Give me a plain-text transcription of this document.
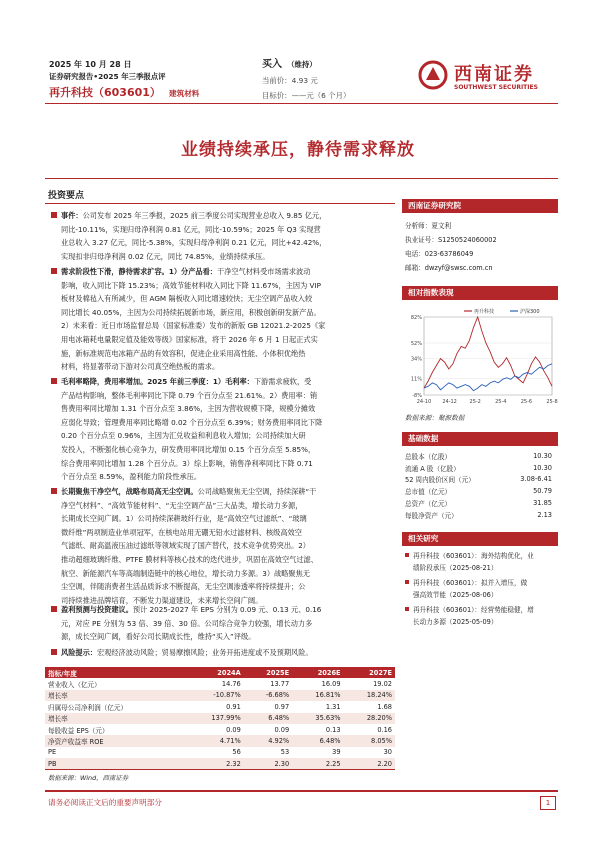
2025 年 10 月 28 日
证券研究报告•2025 年三季报点评
再升科技（603601） 建筑材料
买入 （维持）
当前价：4.93 元
目标价：——元（6 个月）
西南证券
SOUTHWEST SECURITIES
业绩持续承压，静待需求释放
投资要点
事件：公司发布 2025 年三季报，2025 前三季度公司实现营业总收入 9.85 亿元，
同比-10.11%，实现归母净利润 0.81 亿元，同比-10.59%；2025 年 Q3 实现营
业总收入 3.27 亿元，同比-5.38%，实现归母净利润 0.21 亿元，同比+42.42%，
实现扣非归母净利润 0.02 亿元，同比 74.85%，业绩持续承压。
需求阶段性下滑，静待需求扩容。1）分产品看：干净空气材料受市场需求波动
影响，收入同比下降 15.23%；高效节能材料收入同比下降 11.67%，主因为 VIP
板材及棉毡入有所减少，但 AGM 隔板收入同比增速较快；无尘空调产品收入较
同比增长 40.05%，主因为公司持续拓展新市场，新应用，积极创新研发新产品。
2）未来看：近日市场监督总局（国家标准委）发布的新版 GB 12021.2-2025《家
用电冰箱耗电量限定值及能效等级》国家标准，将于 2026 年 6 月 1 日起正式实
施，新标准规范电冰箱产品的有效容积，促进企业采用高性能、小体积优绝热
材料，将显著带动下游对公司真空绝热板的需求。
毛利率略降，费用率增加。2025 年前三季度：1）毛利率：下游需求疲软，受
产品结构影响，整体毛利率同比下降 0.79 个百分点至 21.61%。2）费用率：销
售费用率同比增加 1.31 个百分点至 3.86%，主因为营收规模下降，规模分摊效
应弱化导致；管理费用率同比略增 0.02 个百分点至 6.39%；财务费用率同比下降
0.20 个百分点至 0.96%，主因为汇兑收益和利息收入增加；公司持续加大研
发投入，不断强化核心竞争力，研发费用率同比增加 0.15 个百分点至 5.85%，
综合费用率同比增加 1.28 个百分点。3）综上影响，销售净利率同比下降 0.71
个百分点至 8.59%，盈利能力阶段性承压。
长期聚焦干净空气，战略布局高无尘空调。公司战略聚焦无尘空调，持续深耕“干
净空气材料”、“高效节能材料”、“无尘空调产品”三大品类，增长动力多源，
长期成长空间广阔。1）公司持续深耕玻纤行业，是“高效空气过滤纸”、“玻璃
微纤维”两项制造业单项冠军，在核电站用无硼无铅水过滤材料、核级高效空
气滤纸、耐高温液压油过滤纸等领域实现了国产替代，技术竞争优势突出。2）
推动超细玻璃纤维、PTFE 膜材料等核心技术的迭代进步，巩固在高效空气过滤、
航空、新能源汽车等高端制造链中的核心地位，增长动力多源。3）战略聚焦无
尘空调，伴随消费者生活品质诉求不断提高，无尘空调渗透率将持续提升；公
司持续推进品牌培育，不断发力渠道建设，未来增长空间广阔。
盈利预测与投资建议。预计 2025-2027 年 EPS 分别为 0.09 元、0.13 元、0.16
元，对应 PE 分别为 53 倍、39 倍、30 倍。公司综合竞争力较强，增长动力多
源，成长空间广阔，看好公司长期成长性，维持“买入”评级。
风险提示：宏观经济波动风险；贸易摩擦风险；业务开拓进度或不及预期风险。
指标/年度	2024A	2025E	2026E	2027E
营业收入（亿元）	14.76	13.77	16.09	19.02
增长率	-10.87%	-6.68%	16.81%	18.24%
归属母公司净利润（亿元）	0.91	0.97	1.31	1.68
增长率	137.99%	6.48%	35.63%	28.20%
每股收益 EPS（元）	0.09	0.09	0.13	0.16
净资产收益率 ROE	4.71%	4.92%	6.48%	8.05%
PE	56	53	39	30
PB	2.32	2.30	2.25	2.20
数据来源：Wind，西南证券
西南证券研究院
分析师：夏文利
执业证号：S1250524060002
电话：023-63786049
邮箱：dwzyf@swsc.com.cn
相对指数表现
82%
52%
34%
11%
-8%
24-10 24-12	25-2	25-4	25-6	25-8
再升科技	沪深300
数据来源：聚源数据
基础数据
总股本（亿股）	10.30
流通 A 股（亿股）	10.30
52 周内股价区间（元）	3.08-6.41
总市值（亿元）	50.79
总资产（亿元）	31.85
每股净资产（元）	2.13
相关研究
再升科技（603601）：海外结构优化，业
绩阶段承压（2025-08-21）
再升科技（603601）：拟并入增压，做
强高效节能（2025-08-06）
再升科技（603601）：经营势能稳健，增
长动力多源（2025-05-09）
请务必阅读正文后的重要声明部分	1
